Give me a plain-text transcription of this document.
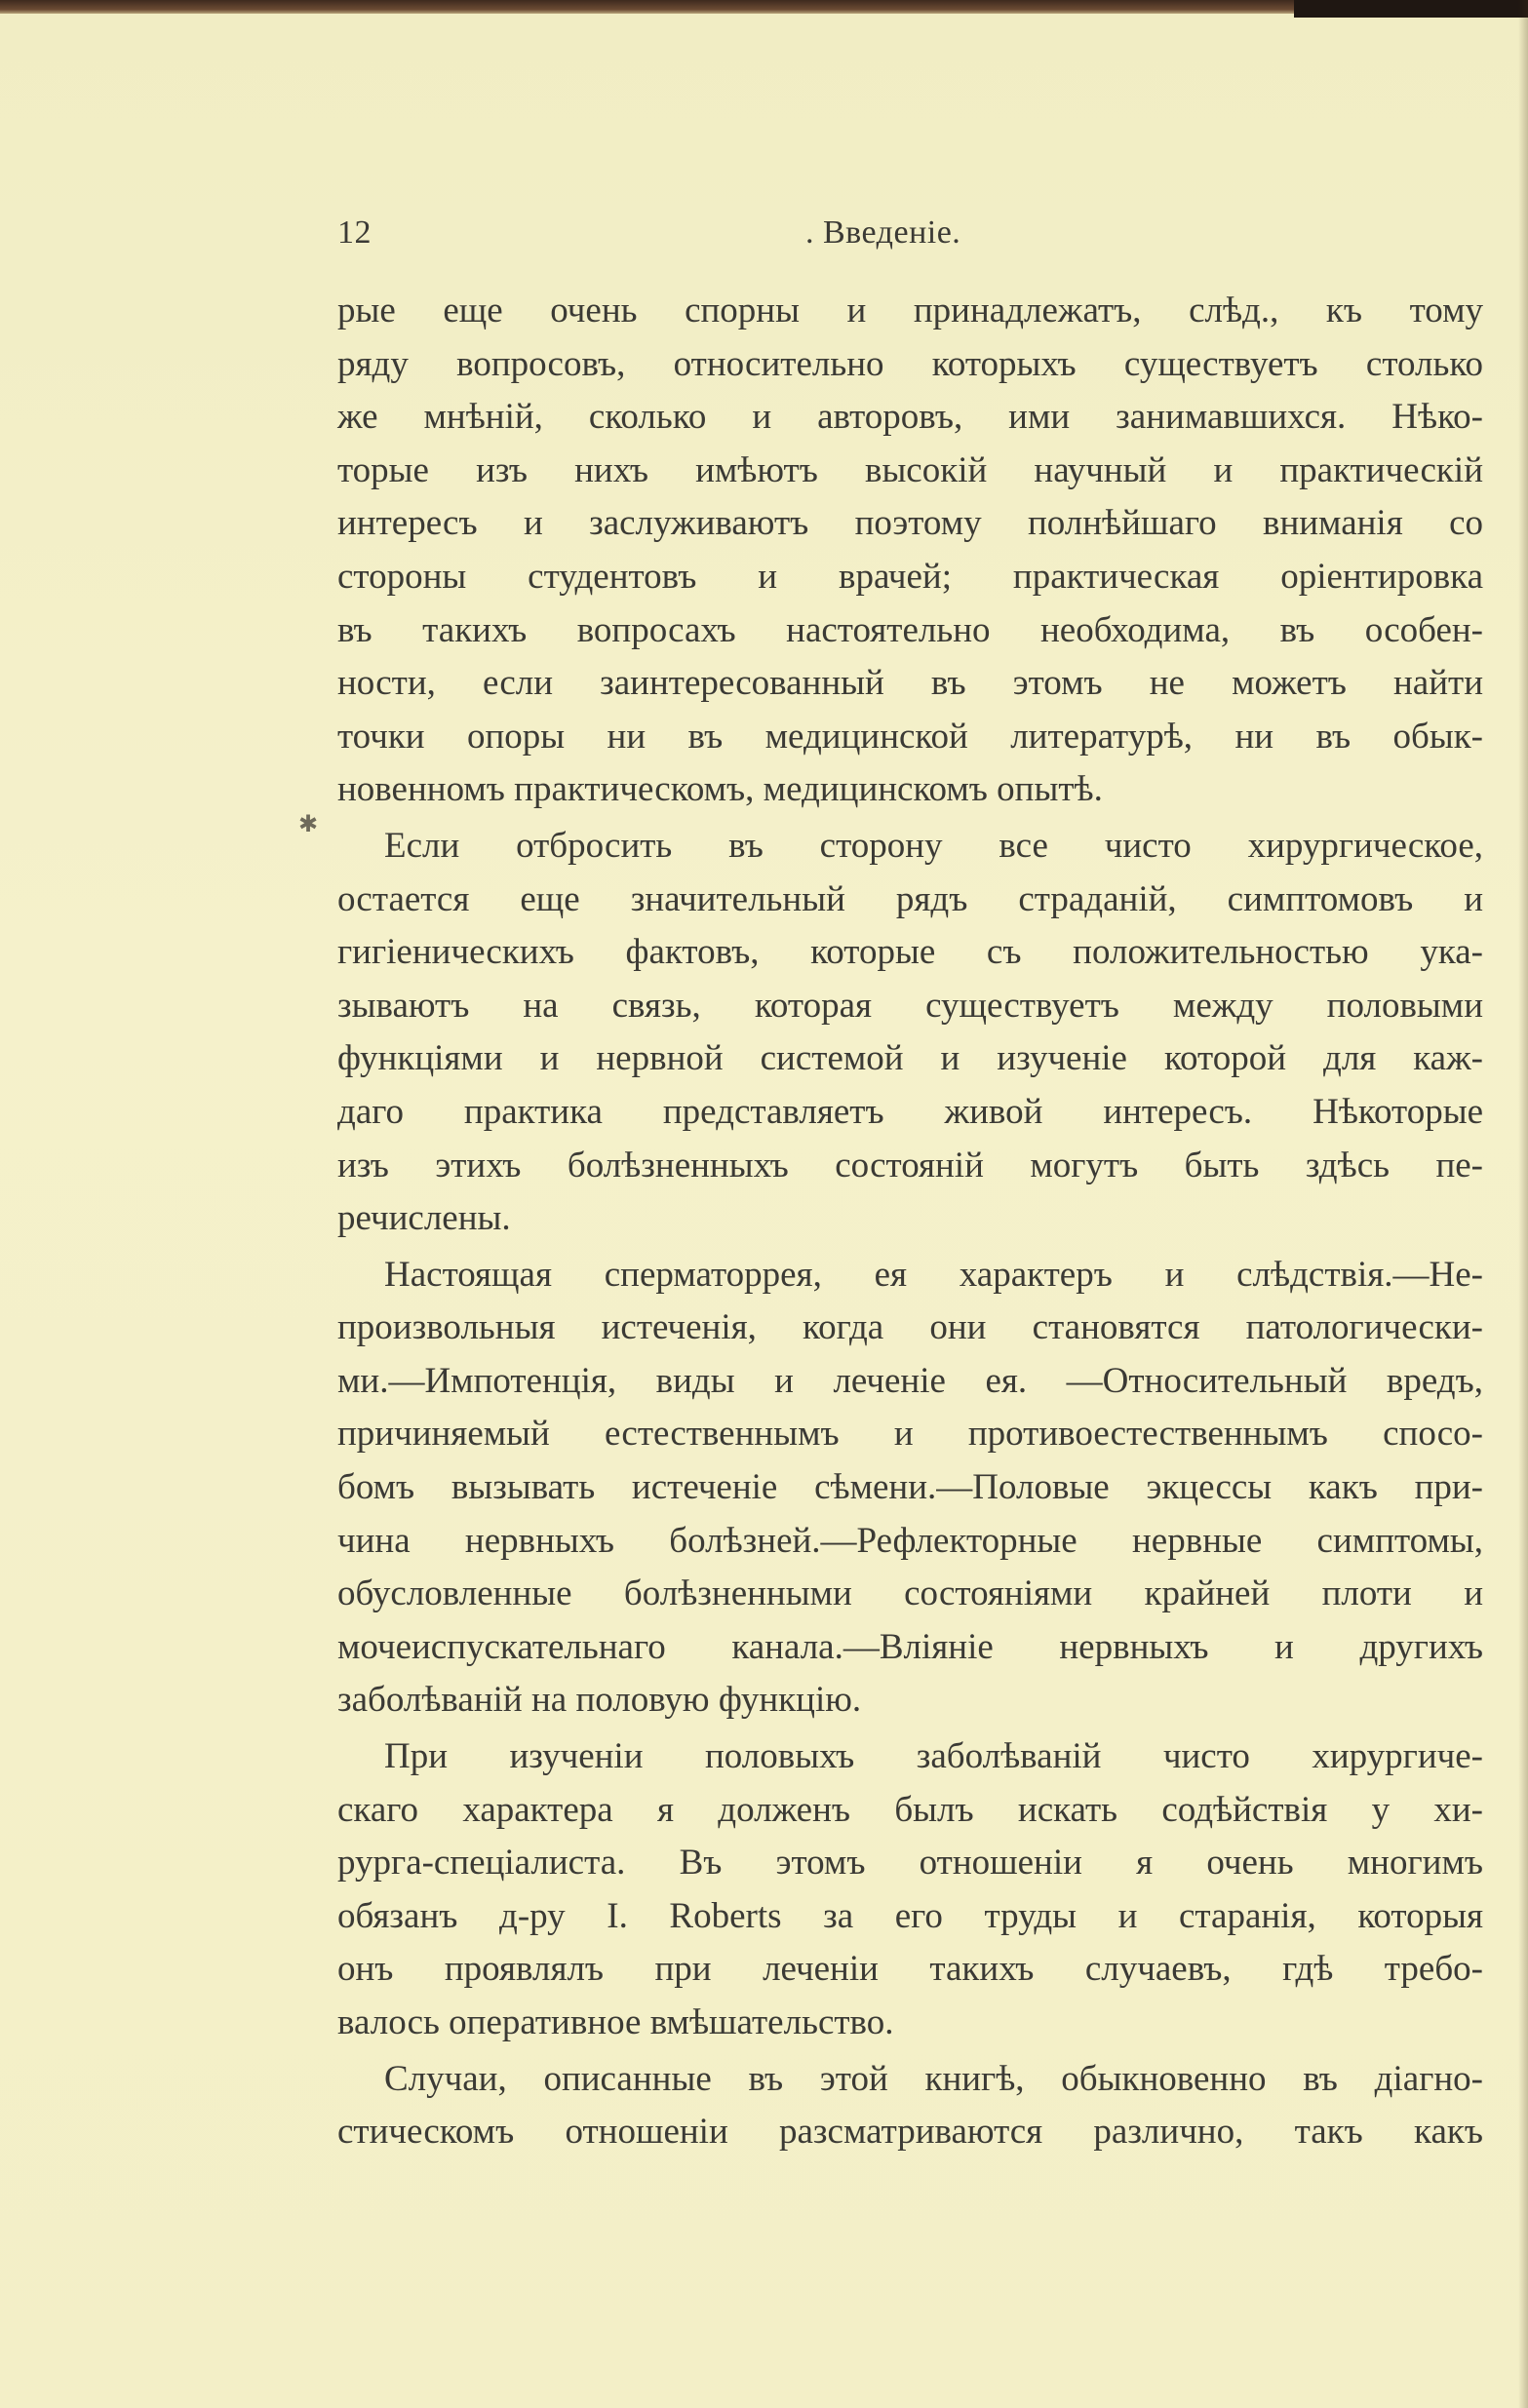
12	. Введеніе.
✱

рые еще очень спорны и принадлежатъ, слѣд., къ тому
ряду вопросовъ, относительно которыхъ существуетъ столько
же мнѣній, сколько и авторовъ, ими занимавшихся. Нѣко-
торые изъ нихъ имѣютъ высокій научный и практическій
интересъ и заслуживаютъ поэтому полнѣйшаго вниманія со
стороны студентовъ и врачей; практическая оріентировка
въ такихъ вопросахъ настоятельно необходима, въ особен-
ности, если заинтересованный въ этомъ не можетъ найти
точки опоры ни въ медицинской литературѣ, ни въ обык-
новенномъ практическомъ, медицинскомъ опытѣ.

Если отбросить въ сторону все чисто хирургическое,
остается еще значительный рядъ страданій, симптомовъ и
гигіеническихъ фактовъ, которые съ положительностью ука-
зываютъ на связь, которая существуетъ между половыми
функціями и нервной системой и изученіе которой для каж-
даго практика представляетъ живой интересъ. Нѣкоторые
изъ этихъ болѣзненныхъ состояній могутъ быть здѣсь пе-
речислены.

Настоящая сперматоррея, ея характеръ и слѣдствія.—Не-
произвольныя истеченія, когда они становятся патологически-
ми.—Импотенція, виды и леченіе ея. —Относительный вредъ,
причиняемый естественнымъ и противоестественнымъ спосо-
бомъ вызывать истеченіе сѣмени.—Половые экцессы какъ при-
чина нервныхъ болѣзней.—Рефлекторные нервные симптомы,
обусловленные болѣзненными состояніями крайней плоти и
мочеиспускательнаго канала.—Вліяніе нервныхъ и другихъ
заболѣваній на половую функцію.

При изученіи половыхъ заболѣваній чисто хирургиче-
скаго характера я долженъ былъ искать содѣйствія у хи-
рурга-спеціалиста. Въ этомъ отношеніи я очень многимъ
обязанъ д-ру I. Roberts за его труды и старанія, которыя
онъ проявлялъ при леченіи такихъ случаевъ, гдѣ требо-
валось оперативное вмѣшательство.

Случаи, описанные въ этой книгѣ, обыкновенно въ діагно-
стическомъ отношеніи разсматриваются различно, такъ какъ
